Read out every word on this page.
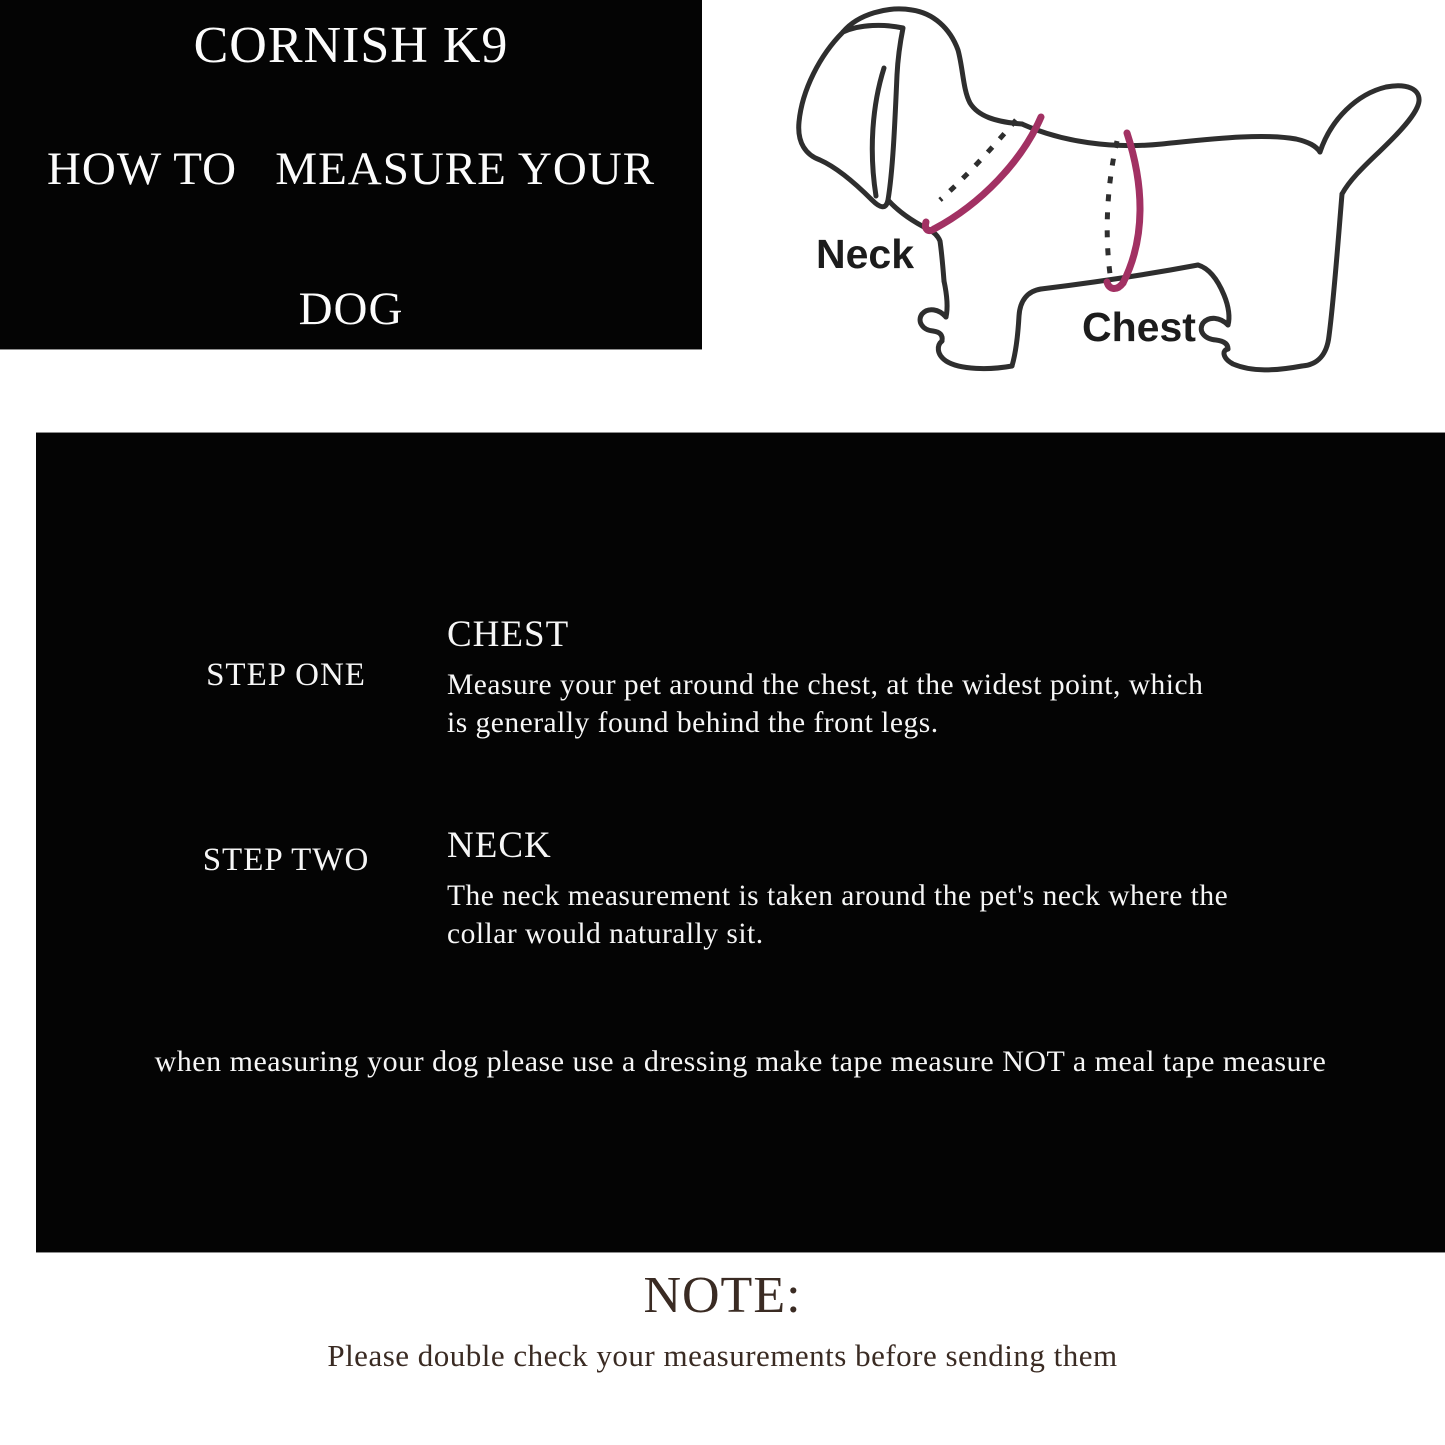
CORNISH K9
HOW TO   MEASURE YOUR
DOG
Neck
Chest
STEP ONE
CHEST
Measure your pet around the chest, at the widest point, which
is generally found behind the front legs.
STEP TWO	NECK
The neck measurement is taken around the pet's neck where the
collar would naturally sit.
when measuring your dog please use a dressing make tape measure NOT a meal tape measure
NOTE:
Please double check your measurements before sending them
